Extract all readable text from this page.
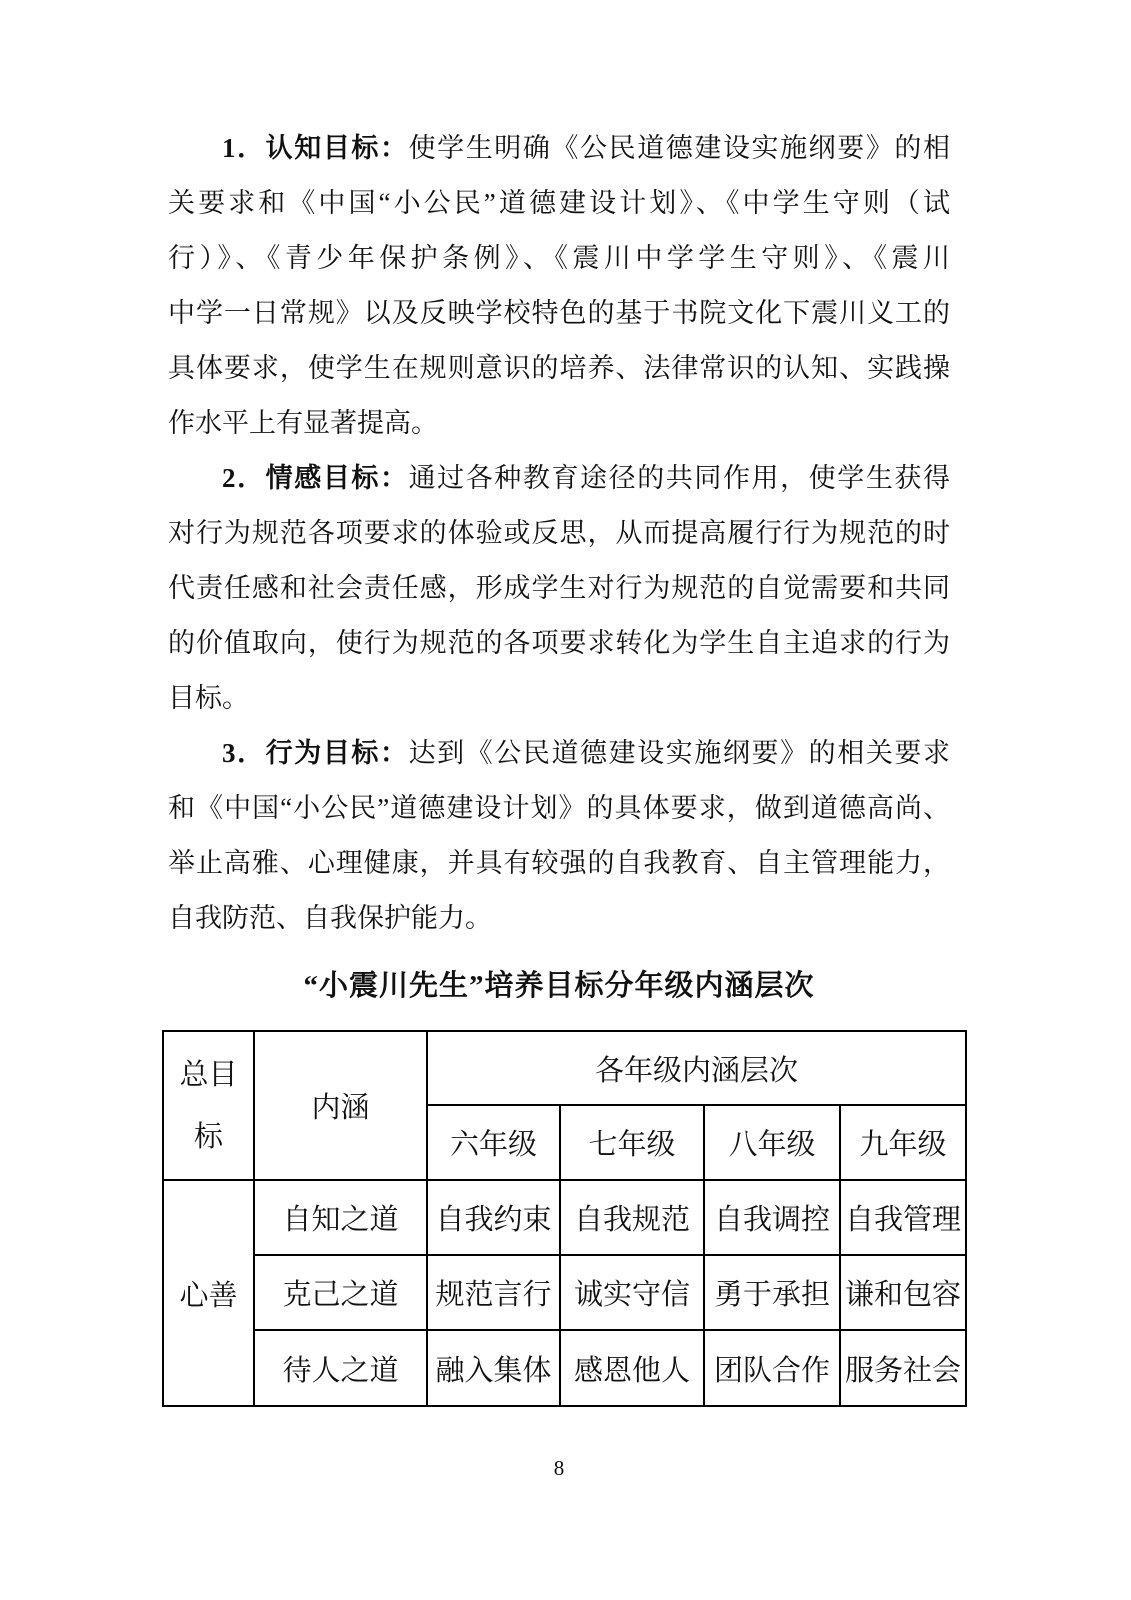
1．认知目标：使学生明确《公民道德建设实施纲要》的相
关要求和《中国“小公民”道德建设计划》、《中学生守则（试
行）》、《青少年保护条例》、《震川中学学生守则》、《震川
中学一日常规》以及反映学校特色的基于书院文化下震川义工的
具体要求，使学生在规则意识的培养、法律常识的认知、实践操
作水平上有显著提高。
2．情感目标：通过各种教育途径的共同作用，使学生获得
对行为规范各项要求的体验或反思，从而提高履行行为规范的时
代责任感和社会责任感，形成学生对行为规范的自觉需要和共同
的价值取向，使行为规范的各项要求转化为学生自主追求的行为
目标。
3．行为目标：达到《公民道德建设实施纲要》的相关要求
和《中国“小公民”道德建设计划》的具体要求，做到道德高尚、
举止高雅、心理健康，并具有较强的自我教育、自主管理能力，
自我防范、自我保护能力。
“小震川先生”培养目标分年级内涵层次
总目标	内涵	各年级内涵层次			
		六年级	七年级	八年级	九年级
心善	自知之道	自我约束	自我规范	自我调控	自我管理
	克己之道	规范言行	诚实守信	勇于承担	谦和包容
	待人之道	融入集体	感恩他人	团队合作	服务社会
8
